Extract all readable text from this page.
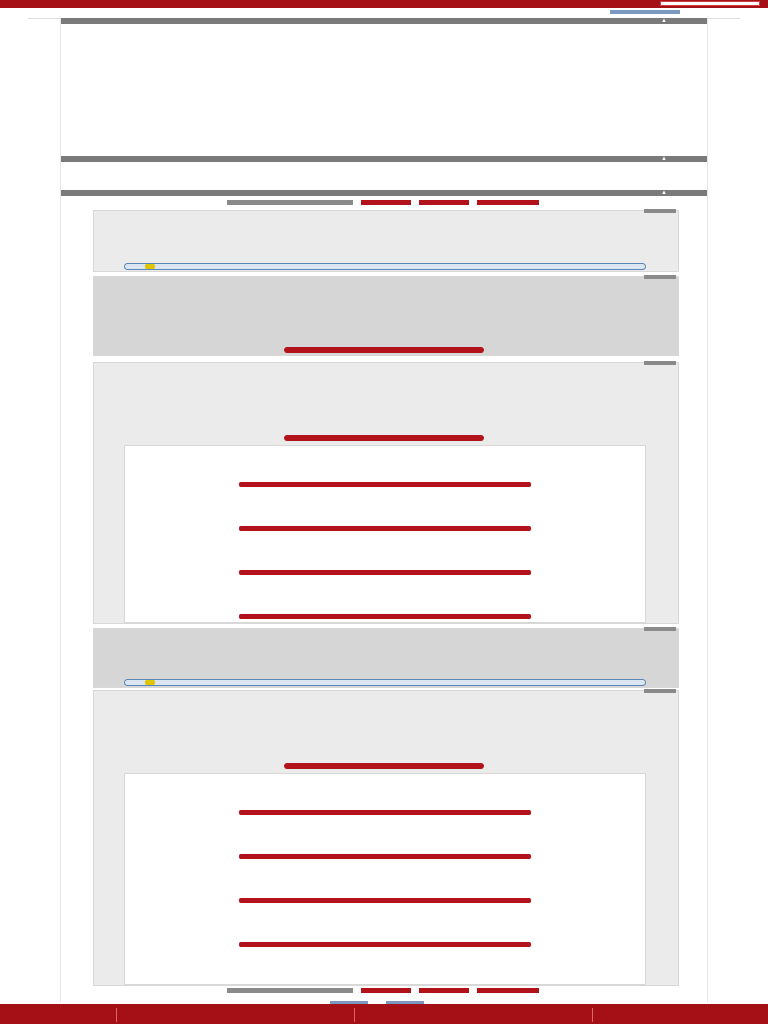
▲
▲
▲
